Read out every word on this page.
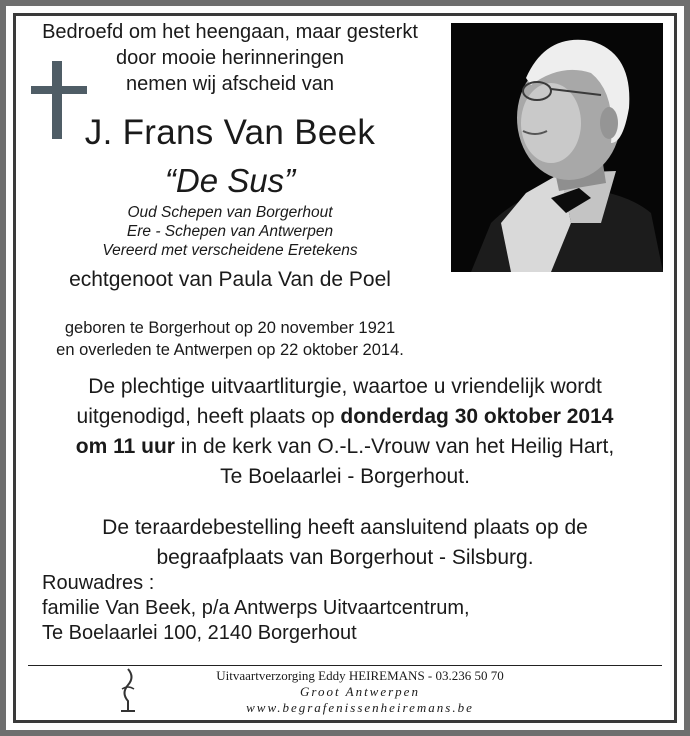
Bedroefd om het heengaan, maar gesterkt
door mooie herinneringen
nemen wij afscheid van
J. Frans Van Beek
“De Sus”
Oud Schepen van Borgerhout
Ere - Schepen van Antwerpen
Vereerd met verscheidene Eretekens
echtgenoot van Paula Van de Poel
geboren te Borgerhout op 20 november 1921
en overleden te Antwerpen op 22 oktober 2014.
De plechtige uitvaartliturgie, waartoe u vriendelijk wordt
uitgenodigd, heeft plaats op donderdag 30 oktober 2014
om 11 uur in de kerk van O.-L.-Vrouw van het Heilig Hart,
Te Boelaarlei - Borgerhout.
De teraardebestelling heeft aansluitend plaats op de
begraafplaats van Borgerhout - Silsburg.
Rouwadres :
familie Van Beek, p/a Antwerps Uitvaartcentrum,
Te Boelaarlei 100, 2140 Borgerhout
Uitvaartverzorging Eddy HEIREMANS - 03.236 50 70
Groot Antwerpen
www.begrafenissenheiremans.be
